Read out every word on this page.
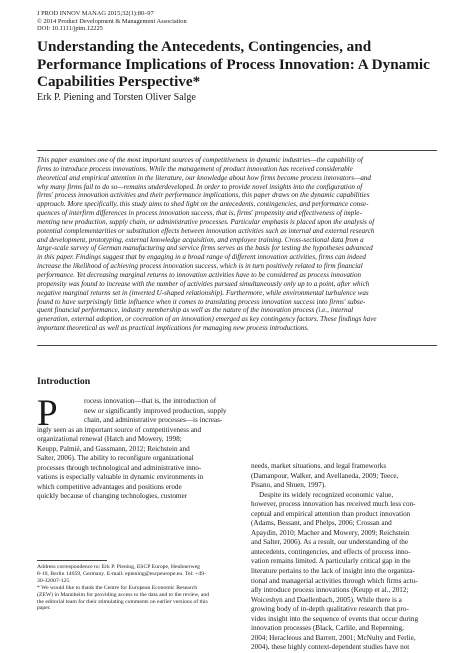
J PROD INNOV MANAG 2015;32(1):80–97
© 2014 Product Development & Management Association
DOI: 10.1111/jpim.12225
Understanding the Antecedents, Contingencies, and
Performance Implications of Process Innovation: A Dynamic
Capabilities Perspective*

Erk P. Piening and Torsten Oliver Salge

This paper examines one of the most important sources of competitiveness in dynamic industries—the capability of
firms to introduce process innovations. While the management of product innovation has received considerable
theoretical and empirical attention in the literature, our knowledge about how firms become process innovators—and
why many firms fail to do so—remains underdeveloped. In order to provide novel insights into the configuration of
firms' process innovation activities and their performance implications, this paper draws on the dynamic capabilities
approach. More specifically, this study aims to shed light on the antecedents, contingencies, and performance conse-
quences of interfirm differences in process innovation success, that is, firms' propensity and effectiveness of imple-
menting new production, supply chain, or administrative processes. Particular emphasis is placed upon the analysis of
potential complementarities or substitution effects between innovation activities such as internal and external research
and development, prototyping, external knowledge acquisition, and employee training. Cross-sectional data from a
large-scale survey of German manufacturing and service firms serves as the basis for testing the hypotheses advanced
in this paper. Findings suggest that by engaging in a broad range of different innovation activities, firms can indeed
increase the likelihood of achieving process innovation success, which is in turn positively related to firm financial
performance. Yet decreasing marginal returns to innovation activities have to be considered as process innovation
propensity was found to increase with the number of activities pursued simultaneously only up to a point, after which
negative marginal returns set in (inverted U-shaped relationship). Furthermore, while environmental turbulence was
found to have surprisingly little influence when it comes to translating process innovation success into firms' subse-
quent financial performance, industry membership as well as the nature of the innovation process (i.e., internal
generation, external adoption, or cocreation of an innovation) emerged as key contingency factors. These findings have
important theoretical as well as practical implications for managing new process introductions.
Introduction
P	rocess innovation—that is, the introduction of
new or significantly improved production, supply
chain, and administrative processes—is increas-
ingly seen as an important source of competitiveness and
organizational renewal (Hatch and Mowery, 1998;
Keupp, Palmié, and Gassmann, 2012; Reichstein and
Salter, 2006). The ability to reconfigure organizational
processes through technological and administrative inno-
vations is especially valuable in dynamic environments in
which competitive advantages and positions erode
quickly because of changing technologies, customer
Address correspondence to: Erk P. Piening, ESCP Europe, Heubnerweg
8-10, Berlin 14059, Germany. E-mail: epiening@escpeurope.eu. Tel: +49-
30-32007-125.
* We would like to thank the Centre for European Economic Research
(ZEW) in Mannheim for providing access to the data and to the review, and
the editorial team for their stimulating comments on earlier versions of this
paper.
needs, market situations, and legal frameworks
(Damanpour, Walker, and Avellaneda, 2009; Teece,
Pisano, and Shuen, 1997).
Despite its widely recognized economic value,
however, process innovation has received much less con-
ceptual and empirical attention than product innovation
(Adams, Bessant, and Phelps, 2006; Crossan and
Apaydin, 2010; Macher and Mowery, 2009; Reichstein
and Salter, 2006). As a result, our understanding of the
antecedents, contingencies, and effects of process inno-
vation remains limited. A particularly critical gap in the
literature pertains to the lack of insight into the organiza-
tional and managerial activities through which firms actu-
ally introduce process innovations (Keupp et al., 2012;
Woiceshyn and Daellenbach, 2005). While there is a
growing body of in-depth qualitative research that pro-
vides insight into the sequence of events that occur during
innovation processes (Black, Carlile, and Repenning,
2004; Heracleous and Barrett, 2001; McNulty and Ferlie,
2004), these highly context-dependent studies have not
